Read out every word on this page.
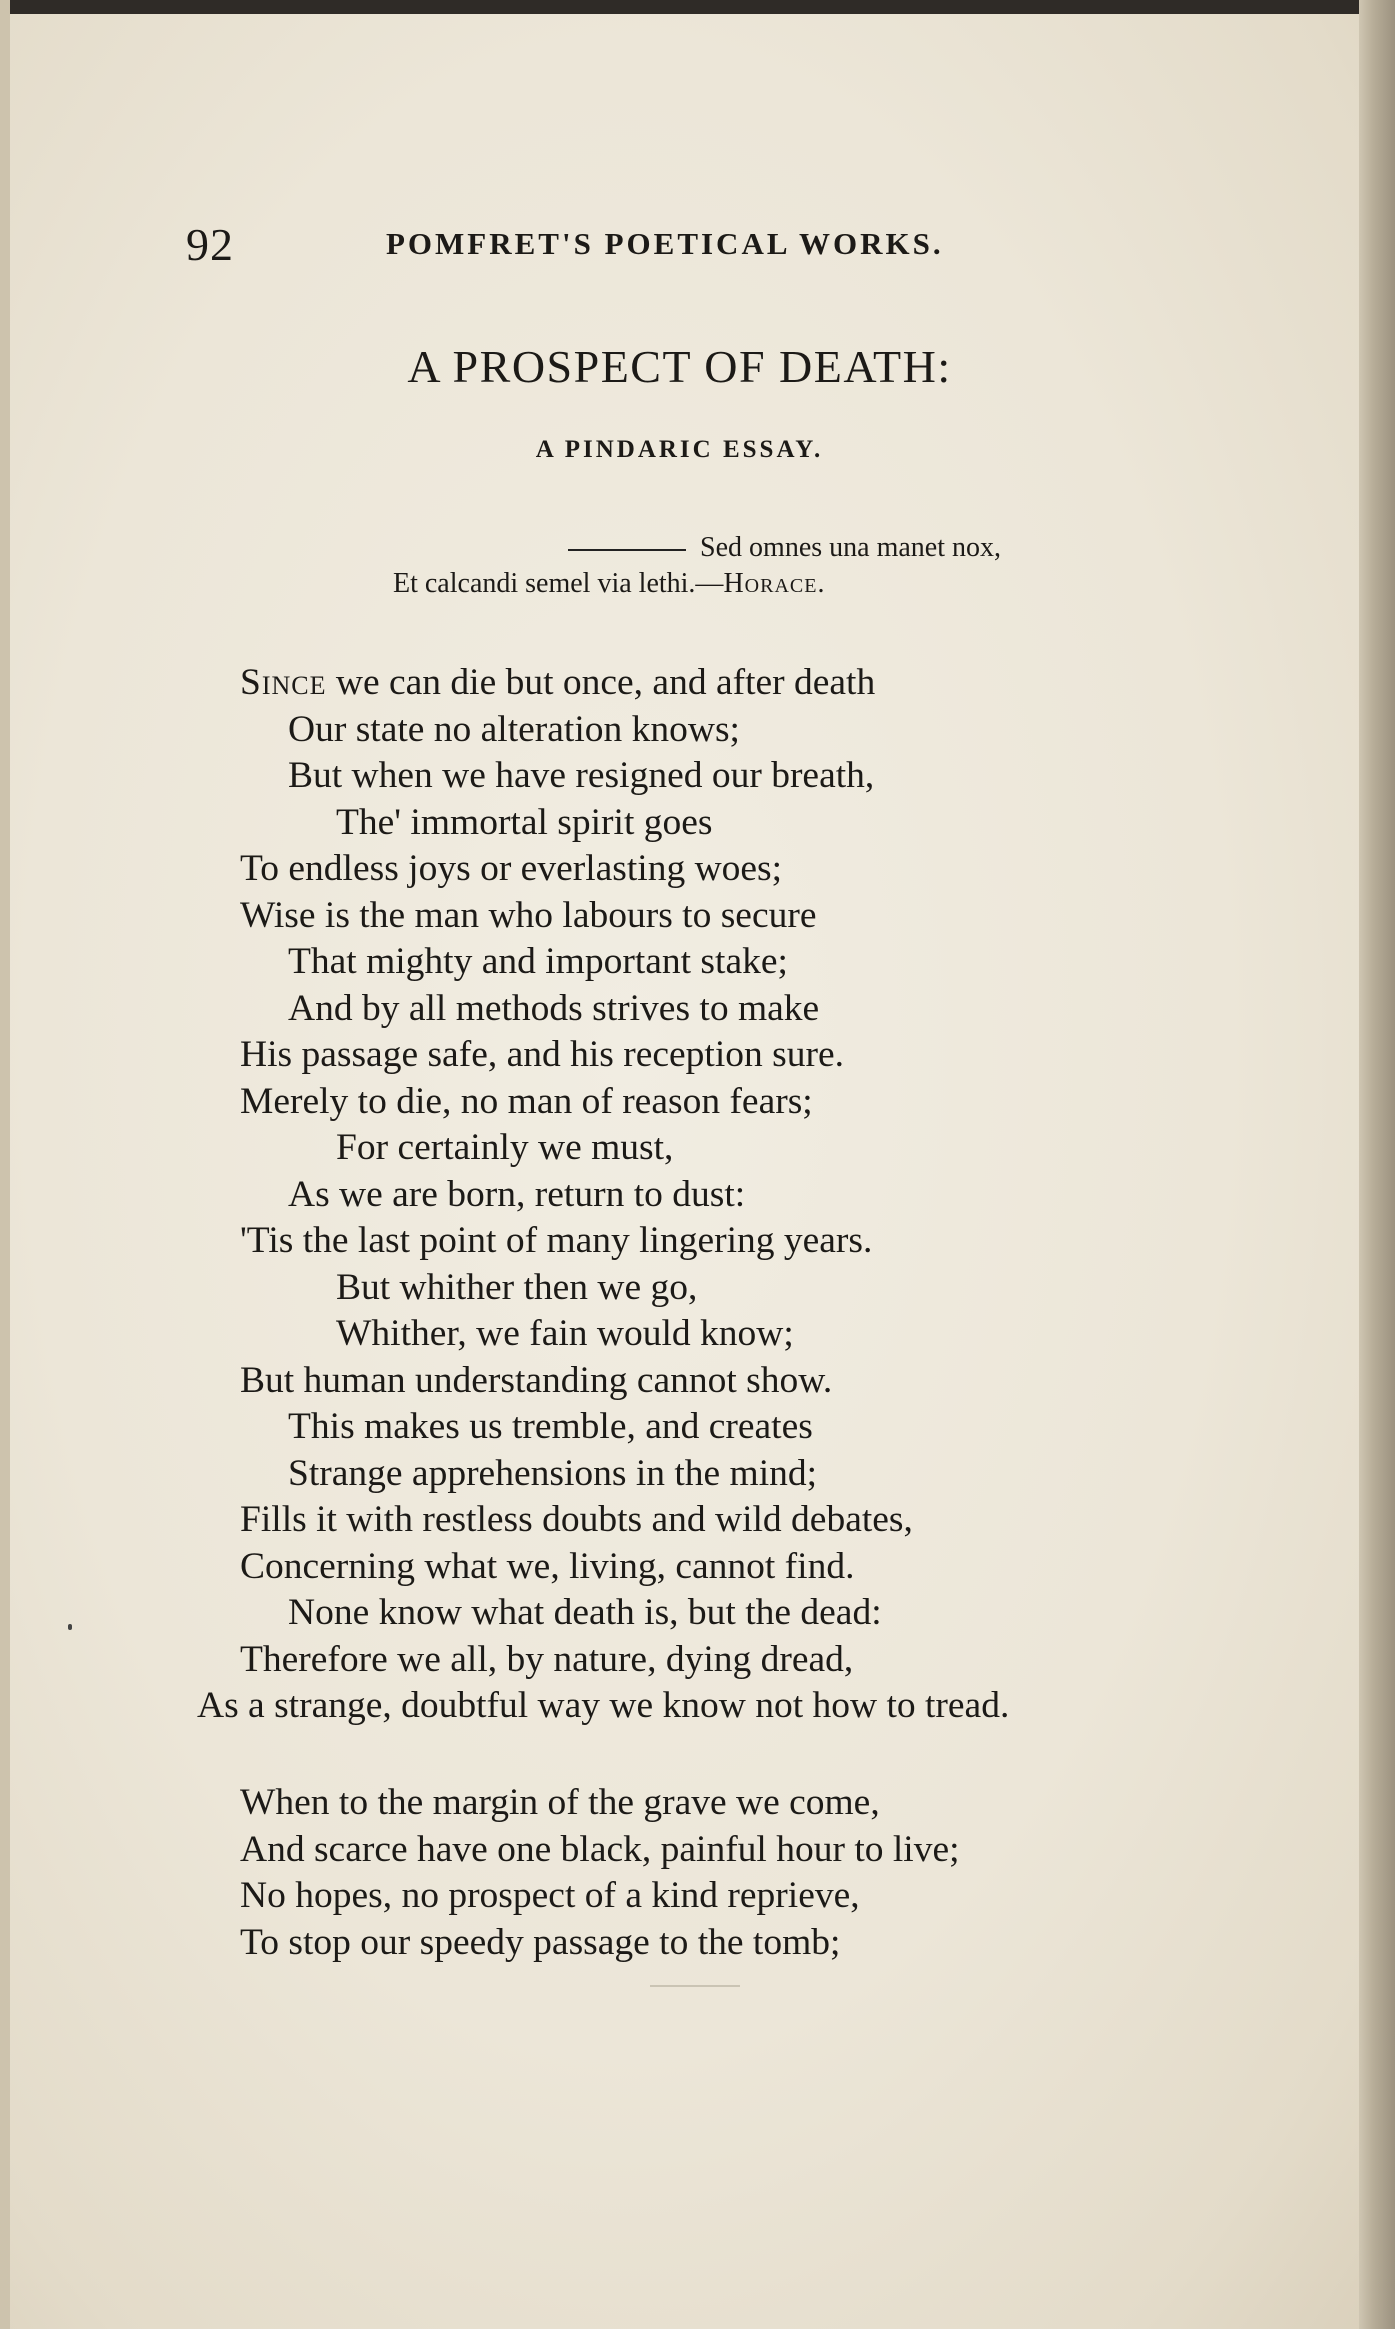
92	POMFRET'S POETICAL WORKS.
A PROSPECT OF DEATH:
A PINDARIC ESSAY.
Sed omnes una manet nox,
Et calcandi semel via lethi.—Horace.
Since we can die but once, and after death
Our state no alteration knows;
But when we have resigned our breath,
The' immortal spirit goes
To endless joys or everlasting woes;
Wise is the man who labours to secure
That mighty and important stake;
And by all methods strives to make
His passage safe, and his reception sure.
Merely to die, no man of reason fears;
For certainly we must,
As we are born, return to dust:
'Tis the last point of many lingering years.
But whither then we go,
Whither, we fain would know;
But human understanding cannot show.
This makes us tremble, and creates
Strange apprehensions in the mind;
Fills it with restless doubts and wild debates,
Concerning what we, living, cannot find.
None know what death is, but the dead:
Therefore we all, by nature, dying dread,
As a strange, doubtful way we know not how to tread.
When to the margin of the grave we come,
And scarce have one black, painful hour to live;
No hopes, no prospect of a kind reprieve,
To stop our speedy passage to the tomb;
